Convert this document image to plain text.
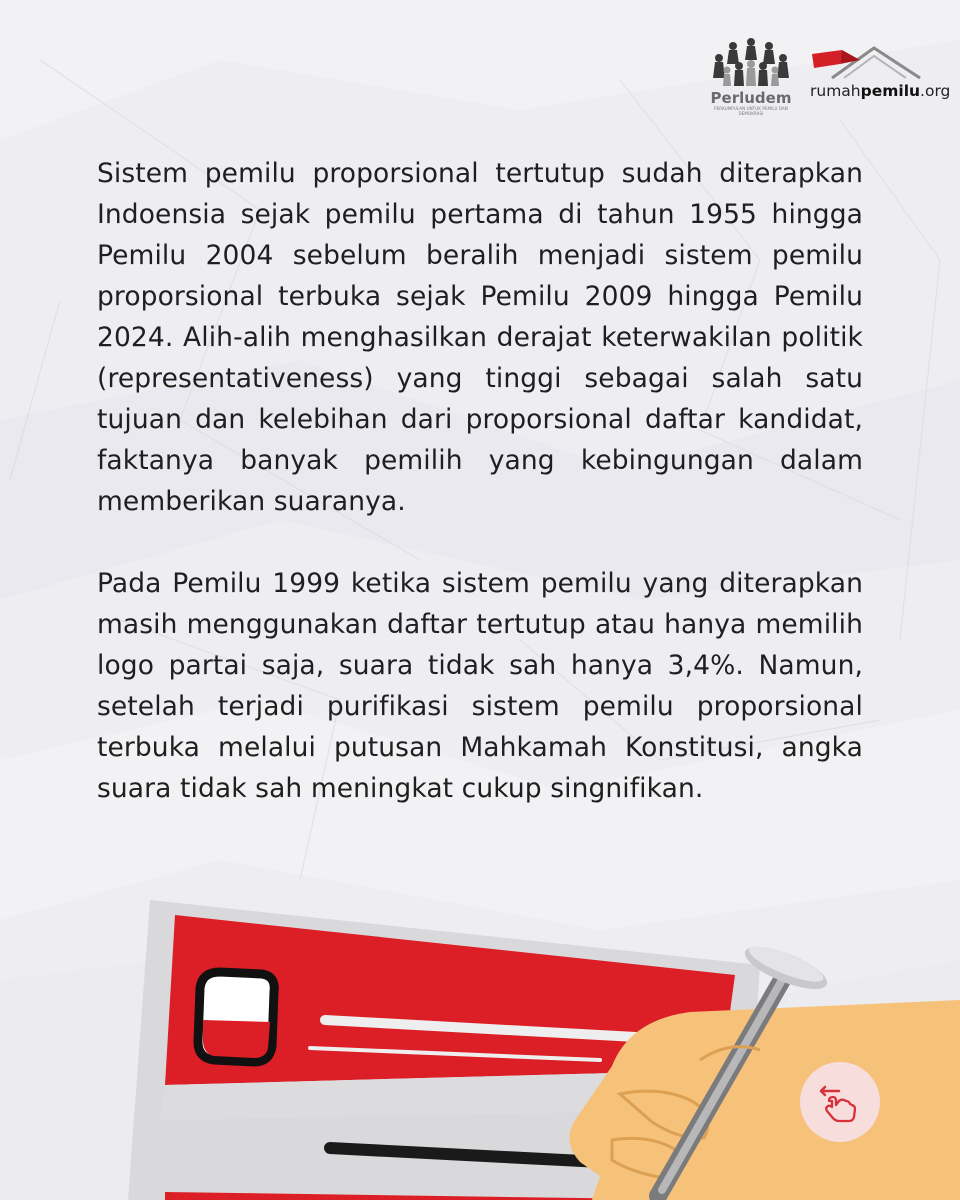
Perludem
PERKUMPULAN UNTUK PEMILU DAN DEMOKRASI
rumahpemilu.org

Sistem pemilu proporsional tertutup sudah diterapkan Indoensia sejak pemilu pertama di tahun 1955 hingga Pemilu 2004 sebelum beralih menjadi sistem pemilu proporsional terbuka sejak Pemilu 2009 hingga Pemilu 2024. Alih-alih menghasilkan derajat keterwakilan politik (representativeness) yang tinggi sebagai salah satu tujuan dan kelebihan dari proporsional daftar kandidat, faktanya banyak pemilih yang kebingungan dalam memberikan suaranya.

Pada Pemilu 1999 ketika sistem pemilu yang diterapkan masih menggunakan daftar tertutup atau hanya memilih logo partai saja, suara tidak sah hanya 3,4%. Namun, setelah terjadi purifikasi sistem pemilu proporsional terbuka melalui putusan Mahkamah Konstitusi, angka suara tidak sah meningkat cukup singnifikan.
